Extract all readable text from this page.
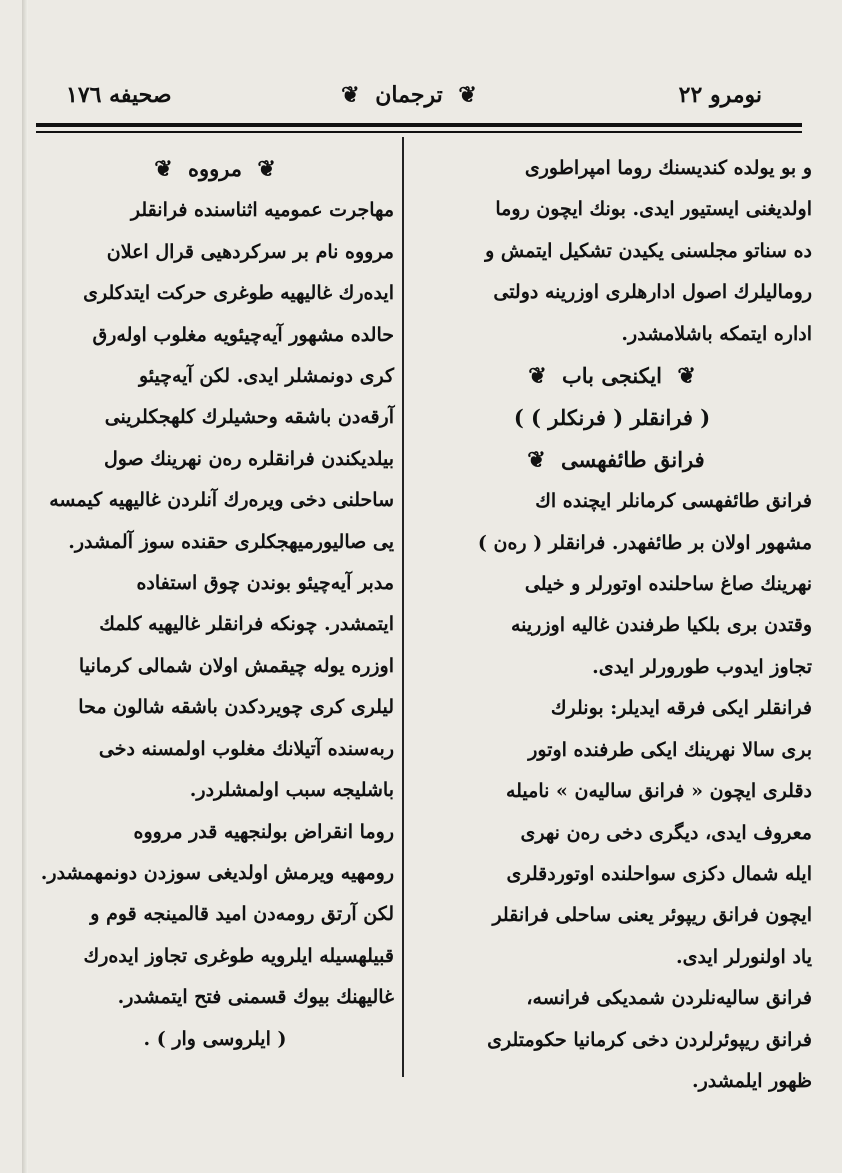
نومرو ٢٢
❦ ترجمان ❦
صحیفه ١٧٦

و بو یولده کندیسنك روما امپراطوری

اولدیغنی ایستیور ایدی. بونك ایچون روما

ده سناتو مجلسنی یکیدن تشکیل ایتمش و

رومالیلرك اصول ادارهلری اوزرینه دولتی

اداره ایتمکه باشلامشدر.

❦ ایکنجی باب ❦

( فرانقلر ( فرنکلر ) )

فرانق طائفهسی ❦

فرانق طائفهسی کرمانلر ایچنده اك

مشهور اولان بر طائفهدر. فرانقلر ( رەن )

نهرینك صاغ ساحلنده اوتورلر و خیلی

وقتدن بری بلکیا طرفندن غالیه اوزرینه

تجاوز ایدوب طورورلر ایدی.

فرانقلر ایکی فرقه ایدیلر: بونلرك

بری سالا نهرینك ایکی طرفنده اوتور

دقلری ایچون « فرانق سالیەن » نامیله

معروف ایدی، دیگری دخی رەن نهری

ایله شمال دکزی سواحلنده اوتوردقلری

ایچون فرانق ریپوئر یعنی ساحلی فرانقلر

یاد اولنورلر ایدی.

فرانق سالیەنلردن شمدیکی فرانسه،

فرانق ریپوئرلردن دخی کرمانیا حکومتلری

ظهور ایلمشدر.

❦ مرووه ❦

مهاجرت عمومیه اثناسنده فرانقلر

مرووه نام بر سرکردهیی قرال اعلان

ایدەرك غالیهیه طوغری حرکت ایتدکلری

حالده مشهور آیەچیئویه مغلوب اولەرق

کری دونمشلر ایدی. لکن آیەچیئو

آرقەدن باشقه وحشیلرك کلهجکلرینی

بیلدیکندن فرانقلرە رەن نهرینك صول

ساحلنی دخی ویرەرك آنلردن غالیهیه کیمسه

یی صالیورمیهجکلری حقنده سوز آلمشدر.

مدبر آیەچیئو بوندن چوق استفاده

ایتمشدر. چونکه فرانقلر غالیهیه کلمك

اوزره یوله چیقمش اولان شمالی کرمانیا

لیلری کری چویردکدن باشقه شالون محا

ربەسنده آتیلانك مغلوب اولمسنه دخی

باشلیجه سبب اولمشلردر.

روما انقراض بولنجهیه قدر مرووه

رومهیه ویرمش اولدیغی سوزدن دونمهمشدر.

لکن آرتق رومەدن امید قالمینجه قوم و

قبیلهسیله ایلرویه طوغری تجاوز ایدەرك

غالیهنك بیوك قسمنی فتح ایتمشدر.

( ایلروسی وار ) .
